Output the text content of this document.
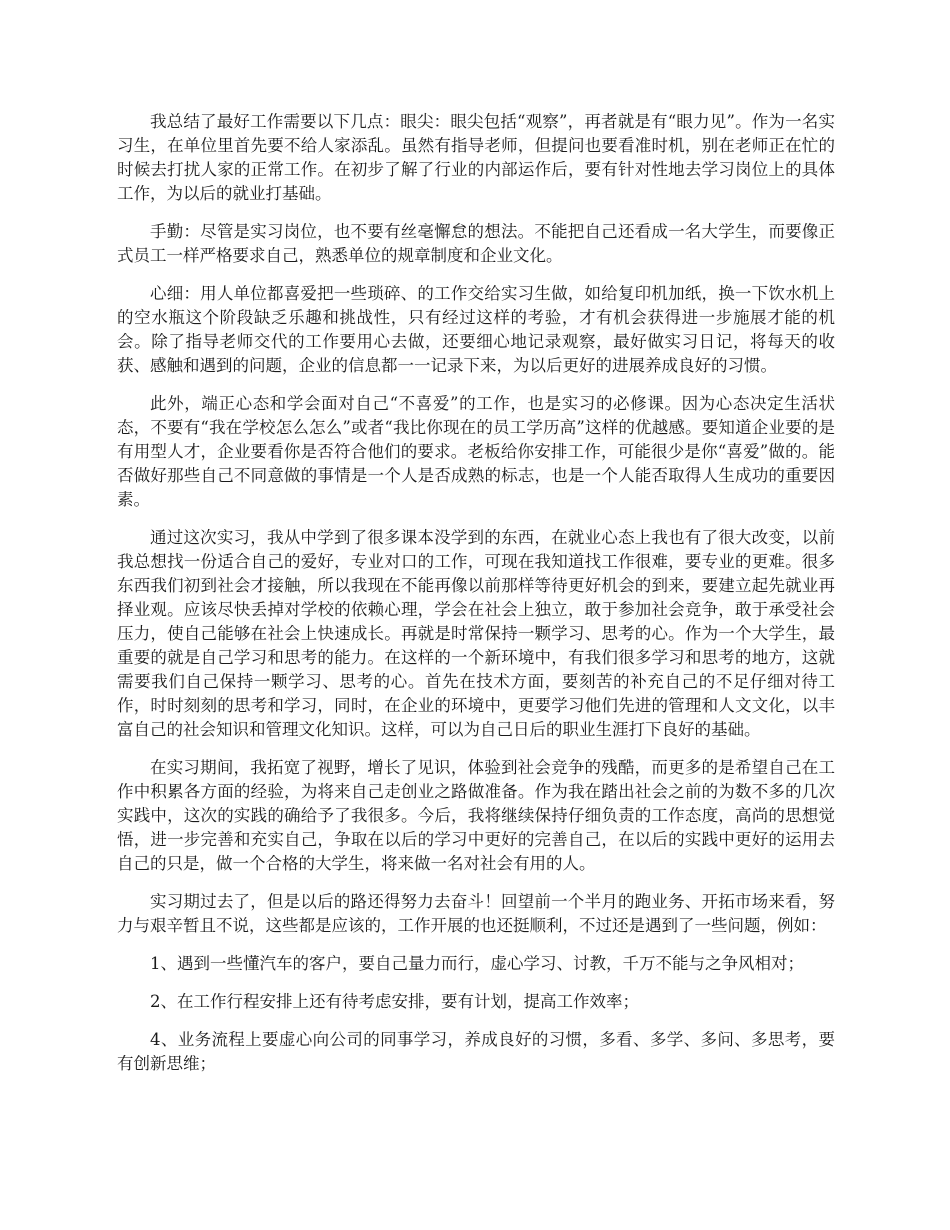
我总结了最好工作需要以下几点：眼尖：眼尖包括“观察”，再者就是有“眼力见”。作为一名实习生，在单位里首先要不给人家添乱。虽然有指导老师，但提问也要看准时机，别在老师正在忙的时候去打扰人家的正常工作。在初步了解了行业的内部运作后，要有针对性地去学习岗位上的具体工作，为以后的就业打基础。

手勤：尽管是实习岗位，也不要有丝毫懈怠的想法。不能把自己还看成一名大学生，而要像正式员工一样严格要求自己，熟悉单位的规章制度和企业文化。

心细：用人单位都喜爱把一些琐碎、的工作交给实习生做，如给复印机加纸，换一下饮水机上的空水瓶这个阶段缺乏乐趣和挑战性，只有经过这样的考验，才有机会获得进一步施展才能的机会。除了指导老师交代的工作要用心去做，还要细心地记录观察，最好做实习日记，将每天的收获、感触和遇到的问题，企业的信息都一一记录下来，为以后更好的进展养成良好的习惯。

此外，端正心态和学会面对自己“不喜爱”的工作，也是实习的必修课。因为心态决定生活状态，不要有“我在学校怎么怎么”或者“我比你现在的员工学历高”这样的优越感。要知道企业要的是有用型人才，企业要看你是否符合他们的要求。老板给你安排工作，可能很少是你“喜爱”做的。能否做好那些自己不同意做的事情是一个人是否成熟的标志，也是一个人能否取得人生成功的重要因素。

通过这次实习，我从中学到了很多课本没学到的东西，在就业心态上我也有了很大改变，以前我总想找一份适合自己的爱好，专业对口的工作，可现在我知道找工作很难，要专业的更难。很多东西我们初到社会才接触，所以我现在不能再像以前那样等待更好机会的到来，要建立起先就业再择业观。应该尽快丢掉对学校的依赖心理，学会在社会上独立，敢于参加社会竞争，敢于承受社会压力，使自己能够在社会上快速成长。再就是时常保持一颗学习、思考的心。作为一个大学生，最重要的就是自己学习和思考的能力。在这样的一个新环境中，有我们很多学习和思考的地方，这就需要我们自己保持一颗学习、思考的心。首先在技术方面，要刻苦的补充自己的不足仔细对待工作，时时刻刻的思考和学习，同时，在企业的环境中，更要学习他们先进的管理和人文文化，以丰富自己的社会知识和管理文化知识。这样，可以为自己日后的职业生涯打下良好的基础。

在实习期间，我拓宽了视野，增长了见识，体验到社会竞争的残酷，而更多的是希望自己在工作中积累各方面的经验，为将来自己走创业之路做准备。作为我在踏出社会之前的为数不多的几次实践中，这次的实践的确给予了我很多。今后，我将继续保持仔细负责的工作态度，高尚的思想觉悟，进一步完善和充实自己，争取在以后的学习中更好的完善自己，在以后的实践中更好的运用去自己的只是，做一个合格的大学生，将来做一名对社会有用的人。

实习期过去了，但是以后的路还得努力去奋斗！回望前一个半月的跑业务、开拓市场来看，努力与艰辛暂且不说，这些都是应该的，工作开展的也还挺顺利，不过还是遇到了一些问题，例如：

1、遇到一些懂汽车的客户，要自己量力而行，虚心学习、讨教，千万不能与之争风相对；

2、在工作行程安排上还有待考虑安排，要有计划，提高工作效率；

4、业务流程上要虚心向公司的同事学习，养成良好的习惯，多看、多学、多问、多思考，要有创新思维；
